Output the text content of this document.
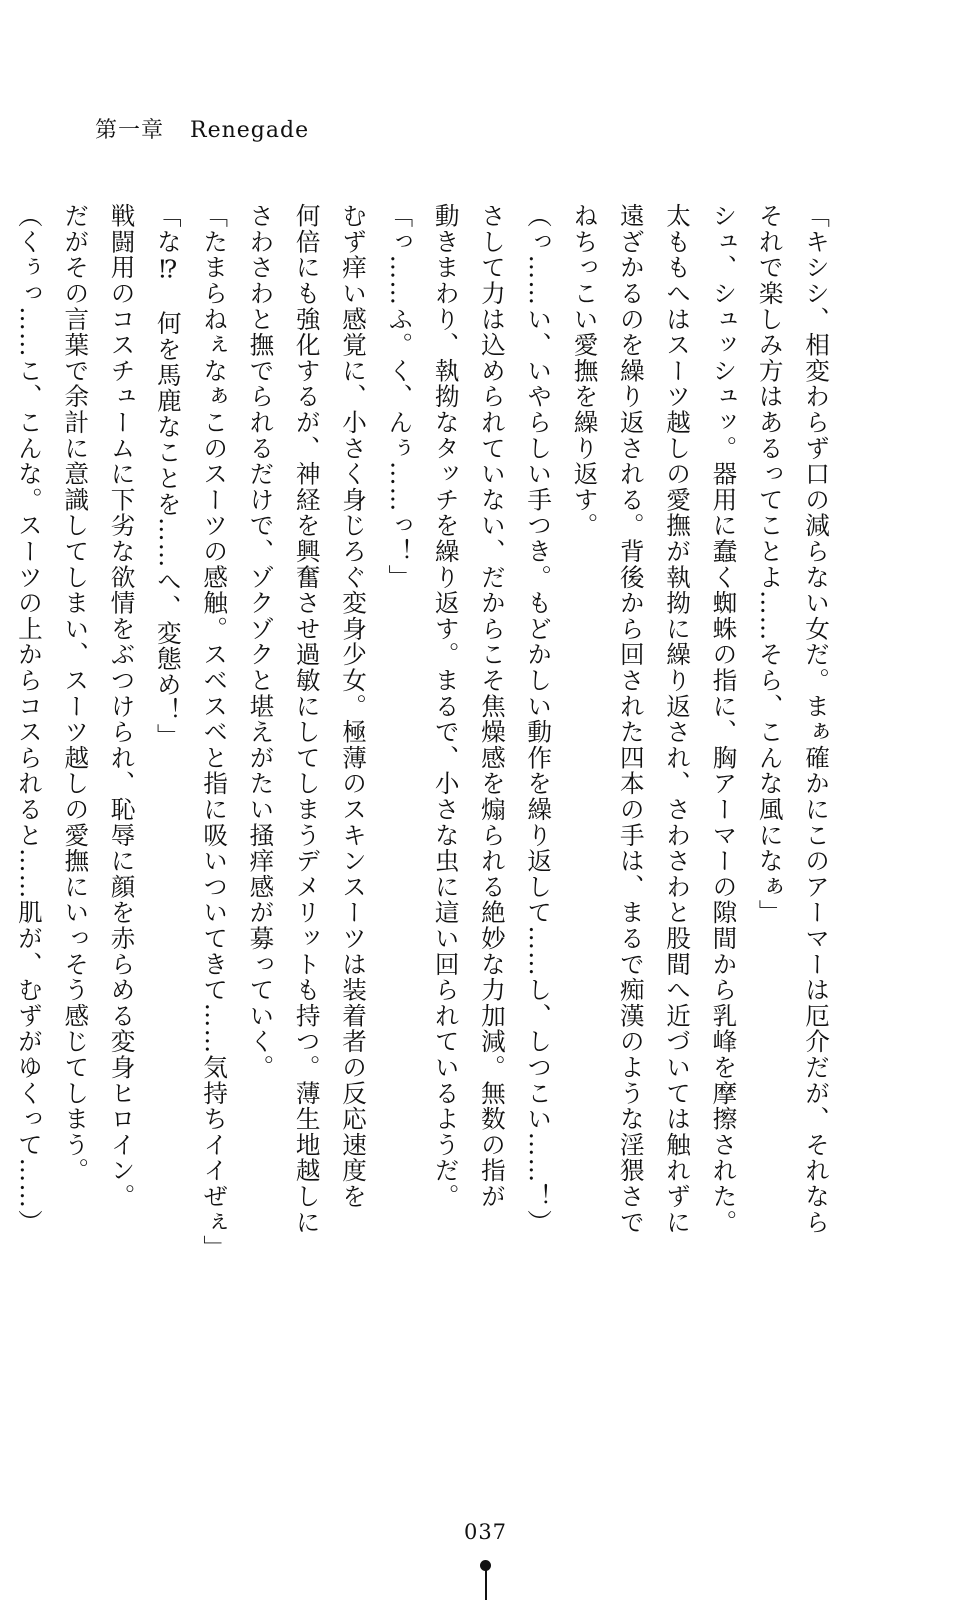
第一章 Renegade

「キシシ、相変わらず口の減らない女だ。まぁ確かにこのアーマーは厄介だが、それなら

それで楽しみ方はあるってことよ……そら、こんな風になぁ」

シュ、シュッシュッ。器用に蠢く蜘蛛の指に、胸アーマーの隙間から乳峰を摩擦された。

太ももへはスーツ越しの愛撫が執拗に繰り返され、さわさわと股間へ近づいては触れずに

遠ざかるのを繰り返される。背後から回された四本の手は、まるで痴漢のような淫猥さで

ねちっこい愛撫を繰り返す。

（っ……い、いやらしい手つき。もどかしい動作を繰り返して……し、しつこい……！）

さして力は込められていない、だからこそ焦燥感を煽られる絶妙な力加減。無数の指が

動きまわり、執拗なタッチを繰り返す。まるで、小さな虫に這い回られているようだ。

「っ……ふ。く、んぅ……っ！」

むず痒い感覚に、小さく身じろぐ変身少女。極薄のスキンスーツは装着者の反応速度を

何倍にも強化するが、神経を興奮させ過敏にしてしまうデメリットも持つ。薄生地越しに

さわさわと撫でられるだけで、ゾクゾクと堪えがたい掻痒感が募っていく。

「たまらねぇなぁこのスーツの感触。スベスベと指に吸いついてきて……気持ちイイぜぇ」

「な⁉　何を馬鹿なことを……へ、変態め！」

戦闘用のコスチュームに下劣な欲情をぶつけられ、恥辱に顔を赤らめる変身ヒロイン。

だがその言葉で余計に意識してしまい、スーツ越しの愛撫にいっそう感じてしまう。

（くぅっ……こ、こんな。スーツの上からコスられると……肌が、むずがゆくって……）

037
